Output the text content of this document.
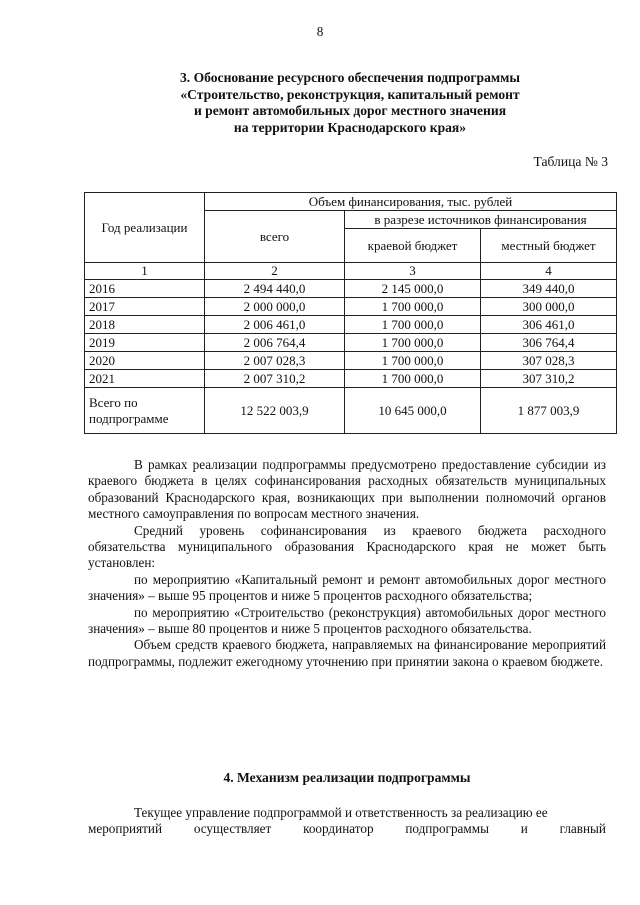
8
3. Обоснование ресурсного обеспечения подпрограммы
«Строительство, реконструкция, капитальный ремонт
и ремонт автомобильных дорог местного значения
на территории Краснодарского края»
Таблица № 3
Год реализации	Объем финансирования, тыс. рублей		
	всего	в разрезе источников финансирования	
		краевой бюджет	местный бюджет
1	2	3	4
2016	2 494 440,0	2 145 000,0	349 440,0
2017	2 000 000,0	1 700 000,0	300 000,0
2018	2 006 461,0	1 700 000,0	306 461,0
2019	2 006 764,4	1 700 000,0	306 764,4
2020	2 007 028,3	1 700 000,0	307 028,3
2021	2 007 310,2	1 700 000,0	307 310,2
Всего по подпрограмме	12 522 003,9	10 645 000,0	1 877 003,9

В рамках реализации подпрограммы предусмотрено предоставление субсидии из краевого бюджета в целях софинансирования расходных обязательств муниципальных образований Краснодарского края, возникающих при выполнении полномочий органов местного самоуправления по вопросам местного значения.

Средний уровень софинансирования из краевого бюджета расходного обязательства муниципального образования Краснодарского края не может быть установлен:

по мероприятию «Капитальный ремонт и ремонт автомобильных дорог местного значения» – выше 95 процентов и ниже 5 процентов расходного обязательства;

по мероприятию «Строительство (реконструкция) автомобильных дорог местного значения» – выше 80 процентов и ниже 5 процентов расходного обязательства.

Объем средств краевого бюджета, направляемых на финансирование мероприятий подпрограммы, подлежит ежегодному уточнению при принятии закона о краевом бюджете.

4. Механизм реализации подпрограммы

Текущее управление подпрограммой и ответственность за реализацию ее

мероприятий осуществляет координатор подпрограммы и главный
